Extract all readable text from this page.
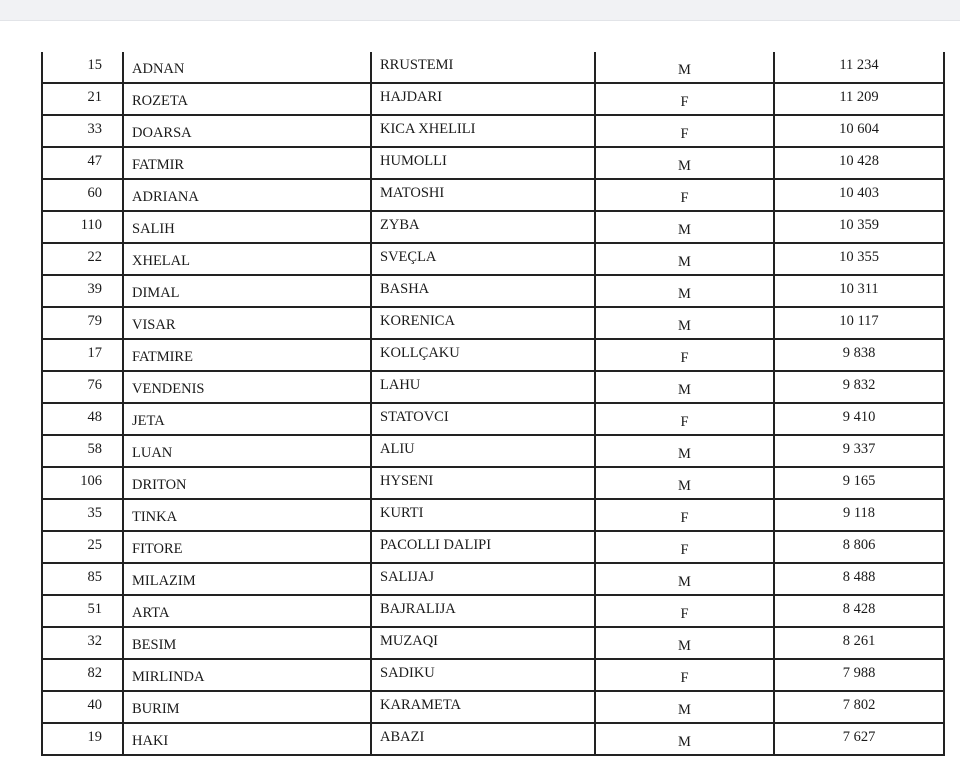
15	ADNAN	RRUSTEMI	M	11 234
21	ROZETA	HAJDARI	F	11 209
33	DOARSA	KICA XHELILI	F	10 604
47	FATMIR	HUMOLLI	M	10 428
60	ADRIANA	MATOSHI	F	10 403
110	SALIH	ZYBA	M	10 359
22	XHELAL	SVEÇLA	M	10 355
39	DIMAL	BASHA	M	10 311
79	VISAR	KORENICA	M	10 117
17	FATMIRE	KOLLÇAKU	F	9 838
76	VENDENIS	LAHU	M	9 832
48	JETA	STATOVCI	F	9 410
58	LUAN	ALIU	M	9 337
106	DRITON	HYSENI	M	9 165
35	TINKA	KURTI	F	9 118
25	FITORE	PACOLLI DALIPI	F	8 806
85	MILAZIM	SALIJAJ	M	8 488
51	ARTA	BAJRALIJA	F	8 428
32	BESIM	MUZAQI	M	8 261
82	MIRLINDA	SADIKU	F	7 988
40	BURIM	KARAMETA	M	7 802
19	HAKI	ABAZI	M	7 627
